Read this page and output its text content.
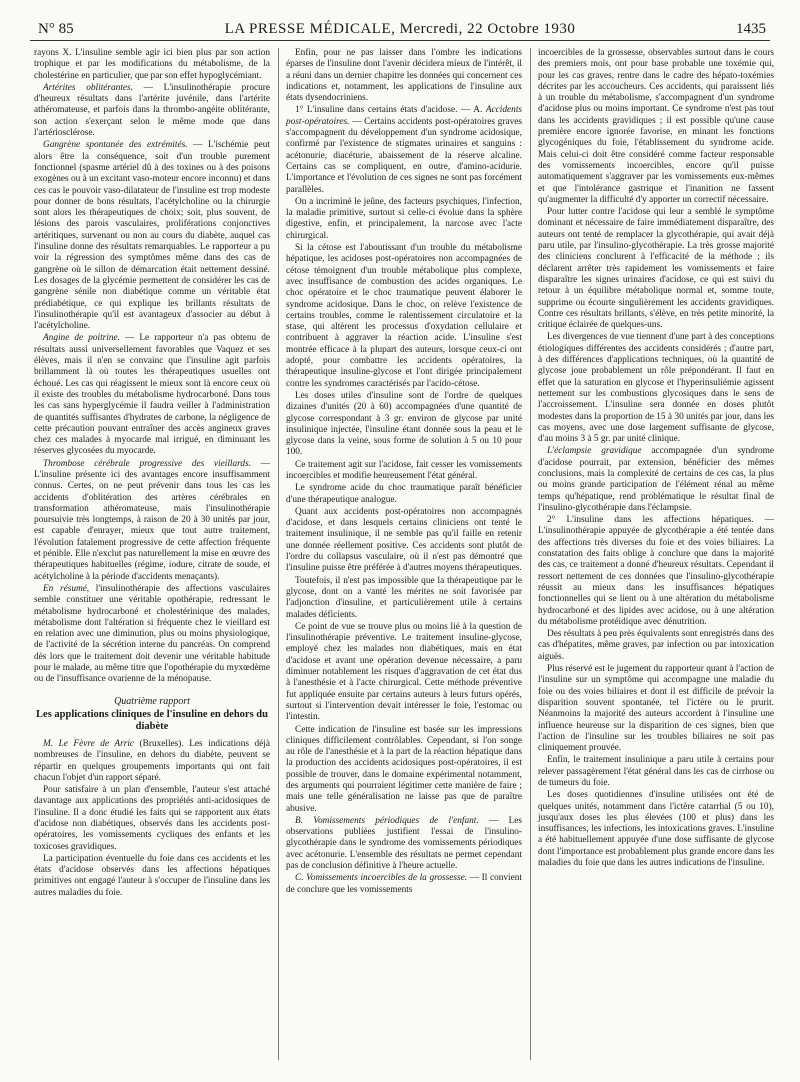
N° 85	LA PRESSE MÉDICALE, Mercredi, 22 Octobre 1930	1435

rayons X. L'insuline semble agir ici bien plus par son action trophique et par les modifications du métabolisme, de la cholestérine en particulier, que par son effet hypoglycémiant.

Artérites oblitérantes. — L'insulinothérapie procure d'heureux résultats dans l'artérite juvénile, dans l'artérite athéromateuse, et parfois dans la thrombo-angéite oblitérante, son action s'exerçant selon le même mode que dans l'artériosclérose.

Gangrène spontanée des extrémités. — L'ischémie peut alors être la conséquence, soit d'un trouble purement fonctionnel (spasme artériel dû à des toxines ou à des poisons exogènes ou à un excitant vaso-moteur encore inconnu) et dans ces cas le pouvoir vaso-dilatateur de l'insuline est trop modeste pour donner de bons résultats, l'acétylcholine ou la chirurgie sont alors les thérapeutiques de choix; soit, plus souvent, de lésions des parois vasculaires, proliférations conjonctives artéritiques, survenant ou non au cours du diabète, auquel cas l'insuline donne des résultats remarquables. Le rapporteur a pu voir la régression des symptômes même dans des cas de gangrène où le sillon de démarcation était nettement dessiné. Les dosages de la glycémie permettent de considérer les cas de gangrène sénile non diabétique comme un véritable état prédiabétique, ce qui explique les brillants résultats de l'insulinothérapie qu'il est avantageux d'associer au début à l'acétylcholine.

Angine de poitrine. — Le rapporteur n'a pas obtenu de résultats aussi universellement favorables que Vaquez et ses élèves, mais il n'en se convainc que l'insuline agit parfois brillamment là où toutes les thérapeutiques usuelles ont échoué. Les cas qui réagissent le mieux sont là encore ceux où il existe des troubles du métabolisme hydrocarboné. Dans tous les cas sans hyperglycémie il faudra veiller à l'administration de quantités suffisantes d'hydrates de carbone, la négligence de cette précaution pouvant entraîner des accès angineux graves chez ces malades à myocarde mal irrigué, en diminuant les réserves glycosées du myocarde.

Thrombose cérébrale progressive des vieillards. — L'insuline présente ici des avantages encore insuffisamment connus. Certes, on ne peut prévenir dans tous les cas les accidents d'oblitération des artères cérébrales en transformation athéromateuse, mais l'insulinothérapie poursuivie très longtemps, à raison de 20 à 30 unités par jour, est capable d'enrayer, mieux que tout autre traitement, l'évolution fatalement progressive de cette affection fréquente et pénible. Elle n'exclut pas naturellement la mise en œuvre des thérapeutiques habituelles (régime, iodure, citrate de soude, et acétylcholine à la période d'accidents menaçants).

En résumé, l'insulinothérapie des affections vasculaires semble constituer une véritable opothérapie, redressant le métabolisme hydrocarboné et cholestérinique des malades, métabolisme dont l'altération si fréquente chez le vieillard est en relation avec une diminution, plus ou moins physiologique, de l'activité de la sécrétion interne du pancréas. On comprend dès lors que le traitement doit devenir une véritable habitude pour le malade, au même titre que l'opothérapie du myxœdème ou de l'insuffisance ovarienne de la ménopause.

Quatrième rapport
Les applications cliniques de l'insuline en dehors du diabète

M. Le Fèvre de Arric (Bruxelles). Les indications déjà nombreuses de l'insuline, en dehors du diabète, peuvent se répartir en quelques groupements importants qui ont fait chacun l'objet d'un rapport séparé.

Pour satisfaire à un plan d'ensemble, l'auteur s'est attaché davantage aux applications des propriétés anti-acidosiques de l'insuline. Il a donc étudié les faits qui se rapportent aux états d'acidose non diabétiques, observés dans les accidents post-opératoires, les vomissements cycliques des enfants et les toxicoses gravidiques.

La participation éventuelle du foie dans ces accidents et les états d'acidose observés dans les affections hépatiques primitives ont engagé l'auteur à s'occuper de l'insuline dans les autres maladies du foie.

Enfin, pour ne pas laisser dans l'ombre les indications éparses de l'insuline dont l'avenir décidera mieux de l'intérêt, il a réuni dans un dernier chapitre les données qui concernent ces indications et, notamment, les applications de l'insuline aux états dysendocriniens.

1° L'insuline dans certains états d'acidose. — A. Accidents post-opératoires. — Certains accidents post-opératoires graves s'accompagnent du développement d'un syndrome acidosique, confirmé par l'existence de stigmates urinaires et sanguins : acétonurie, diacéturie, abaissement de la réserve alcaline. Certains cas se compliquent, en outre, d'amino-acidurie. L'importance et l'évolution de ces signes ne sont pas forcément parallèles.

On a incriminé le jeûne, des facteurs psychiques, l'infection, la maladie primitive, surtout si celle-ci évolue dans la sphère digestive, enfin, et principalement, la narcose avec l'acte chirurgical.

Si la cétose est l'aboutissant d'un trouble du métabolisme hépatique, les acidoses post-opératoires non accompagnées de cétose témoignent d'un trouble métabolique plus complexe, avec insuffisance de combustion des acides organiques. Le choc opératoire et le choc traumatique peuvent élaborer le syndrome acidosique. Dans le choc, on relève l'existence de certains troubles, comme le ralentissement circulatoire et la stase, qui altèrent les processus d'oxydation cellulaire et contribuent à aggraver la réaction acide. L'insuline s'est montrée efficace à la plupart des auteurs, lorsque ceux-ci ont adopté, pour combattre les accidents opératoires, la thérapeutique insuline-glycose et l'ont dirigée principalement contre les syndromes caractérisés par l'acido-cétose.

Les doses utiles d'insuline sont de l'ordre de quelques dizaines d'unités (20 à 60) accompagnées d'une quantité de glycose correspondant à 3 gr. environ de glycose par unité insulinique injectée, l'insuline étant donnée sous la peau et le glycose dans la veine, sous forme de solution à 5 ou 10 pour 100.

Ce traitement agit sur l'acidose, fait cesser les vomissements incoercibles et modifie heureusement l'état général.

Le syndrome acide du choc traumatique paraît bénéficier d'une thérapeutique analogue.

Quant aux accidents post-opératoires non accompagnés d'acidose, et dans lesquels certains cliniciens ont tenté le traitement insulinique, il ne semble pas qu'il faille en retenir une donnée réellement positive. Ces accidents sont plutôt de l'ordre du collapsus vasculaire, où il n'est pas démontré que l'insuline puisse être préférée à d'autres moyens thérapeutiques.

Toutefois, il n'est pas impossible que la thérapeutique par le glycose, dont on a vanté les mérites ne soit favorisée par l'adjonction d'insuline, et particulièrement utile à certains malades déficients.

Ce point de vue se trouve plus ou moins lié à la question de l'insulinothérapie préventive. Le traitement insuline-glycose, employé chez les malades non diabétiques, mais en état d'acidose et avant une opération devenue nécessaire, a paru diminuer notablement les risques d'aggravation de cet état dus à l'anesthésie et à l'acte chirurgical. Cette méthode préventive fut appliquée ensuite par certains auteurs à leurs futurs opérés, surtout si l'intervention devait intéresser le foie, l'estomac ou l'intestin.

Cette indication de l'insuline est basée sur les impressions cliniques difficilement contrôlables. Cependant, si l'on songe au rôle de l'anesthésie et à la part de la réaction hépatique dans la production des accidents acidosiques post-opératoires, il est possible de trouver, dans le domaine expérimental notamment, des arguments qui pourraient légitimer cette manière de faire ; mais une telle généralisation ne laisse pas que de paraître abusive.

B. Vomissements périodiques de l'enfant. — Les observations publiées justifient l'essai de l'insulino-glycothérapie dans le syndrome des vomissements périodiques avec acétonurie. L'ensemble des résultats ne permet cependant pas de conclusion définitive à l'heure actuelle.

C. Vomissements incoercibles de la grossesse. — Il convient de conclure que les vomissements

incoercibles de la grossesse, observables surtout dans le cours des premiers mois, ont pour base probable une toxémie qui, pour les cas graves, rentre dans le cadre des hépato-toxémies décrites par les accoucheurs. Ces accidents, qui paraissent liés à un trouble du métabolisme, s'accompagnent d'un syndrome d'acidose plus ou moins important. Ce syndrome n'est pas tout dans les accidents gravidiques ; il est possible qu'une cause première encore ignorée favorise, en minant les fonctions glycogéniques du foie, l'établissement du syndrome acide. Mais celui-ci doit être considéré comme facteur responsable des vomissements incoercibles, encore qu'il puisse automatiquement s'aggraver par les vomissements eux-mêmes et que l'intolérance gastrique et l'inanition ne fassent qu'augmenter la difficulté d'y apporter un correctif nécessaire.

Pour lutter contre l'acidose qui leur a semblé le symptôme dominant et nécessaire de faire immédiatement disparaître, des auteurs ont tenté de remplacer la glycothérapie, qui avait déjà paru utile, par l'insulino-glycothérapie. La très grosse majorité des cliniciens conclurent à l'efficacité de la méthode ; ils déclarent arrêter très rapidement les vomissements et faire disparaître les signes urinaires d'acidose, ce qui est suivi du retour à un équilibre métabolique normal et, somme toute, supprime ou écourte singulièrement les accidents gravidiques. Contre ces résultats brillants, s'élève, en très petite minorité, la critique éclairée de quelques-uns.

Les divergences de vue tiennent d'une part à des conceptions étiologiques différentes des accidents considérés ; d'autre part, à des différences d'applications techniques, où la quantité de glycose joue probablement un rôle prépondérant. Il faut en effet que la saturation en glycose et l'hyperinsuliémie agissent nettement sur les combustions glycosiques dans le sens de l'accroissement. L'insuline sera donnée en doses plutôt modestes dans la proportion de 15 à 30 unités par jour, dans les cas moyens, avec une dose largement suffisante de glycose, d'au moins 3 à 5 gr. par unité clinique.

L'éclampsie gravidique accompagnée d'un syndrome d'acidose pourrait, par extension, bénéficier des mêmes conclusions, mais la complexité de certains de ces cas, la plus ou moins grande participation de l'élément rénal au même temps qu'hépatique, rend problématique le résultat final de l'insulino-glycothérapie dans l'éclampsie.

2° L'insuline dans les affections hépatiques. — L'insulinothérapie appuyée de glycothérapie a été tentée dans des affections très diverses du foie et des voies biliaires. La constatation des faits oblige à conclure que dans la majorité des cas, ce traitement a donné d'heureux résultats. Cependant il ressort nettement de ces données que l'insulino-glycothérapie réussit au mieux dans les insuffisances hépatiques fonctionnelles qui se lient ou à une altération du métabolisme hydrocarboné et des lipides avec acidose, ou à une altération du métabolisme protéidique avec dénutrition.

Des résultats à peu près équivalents sont enregistrés dans des cas d'hépatites, même graves, par infection ou par intoxication aiguës.

Plus réservé est le jugement du rapporteur quant à l'action de l'insuline sur un symptôme qui accompagne une maladie du foie ou des voies biliaires et dont il est difficile de prévoir la disparition souvent spontanée, tel l'ictère ou le prurit. Néanmoins la majorité des auteurs accordent à l'insuline une influence heureuse sur la disparition de ces signes, bien que l'action de l'insuline sur les troubles biliaires ne soit pas cliniquement prouvée.

Enfin, le traitement insulinique a paru utile à certains pour relever passagèrement l'état général dans les cas de cirrhose ou de tumeurs du foie.

Les doses quotidiennes d'insuline utilisées ont été de quelques unités, notamment dans l'ictère catarrhal (5 ou 10), jusqu'aux doses les plus élevées (100 et plus) dans les insuffisances, les infections, les intoxications graves. L'insuline a été habituellement appuyée d'une dose suffisante de glycose dont l'importance est probablement plus grande encore dans les maladies du foie que dans les autres indications de l'insuline.
